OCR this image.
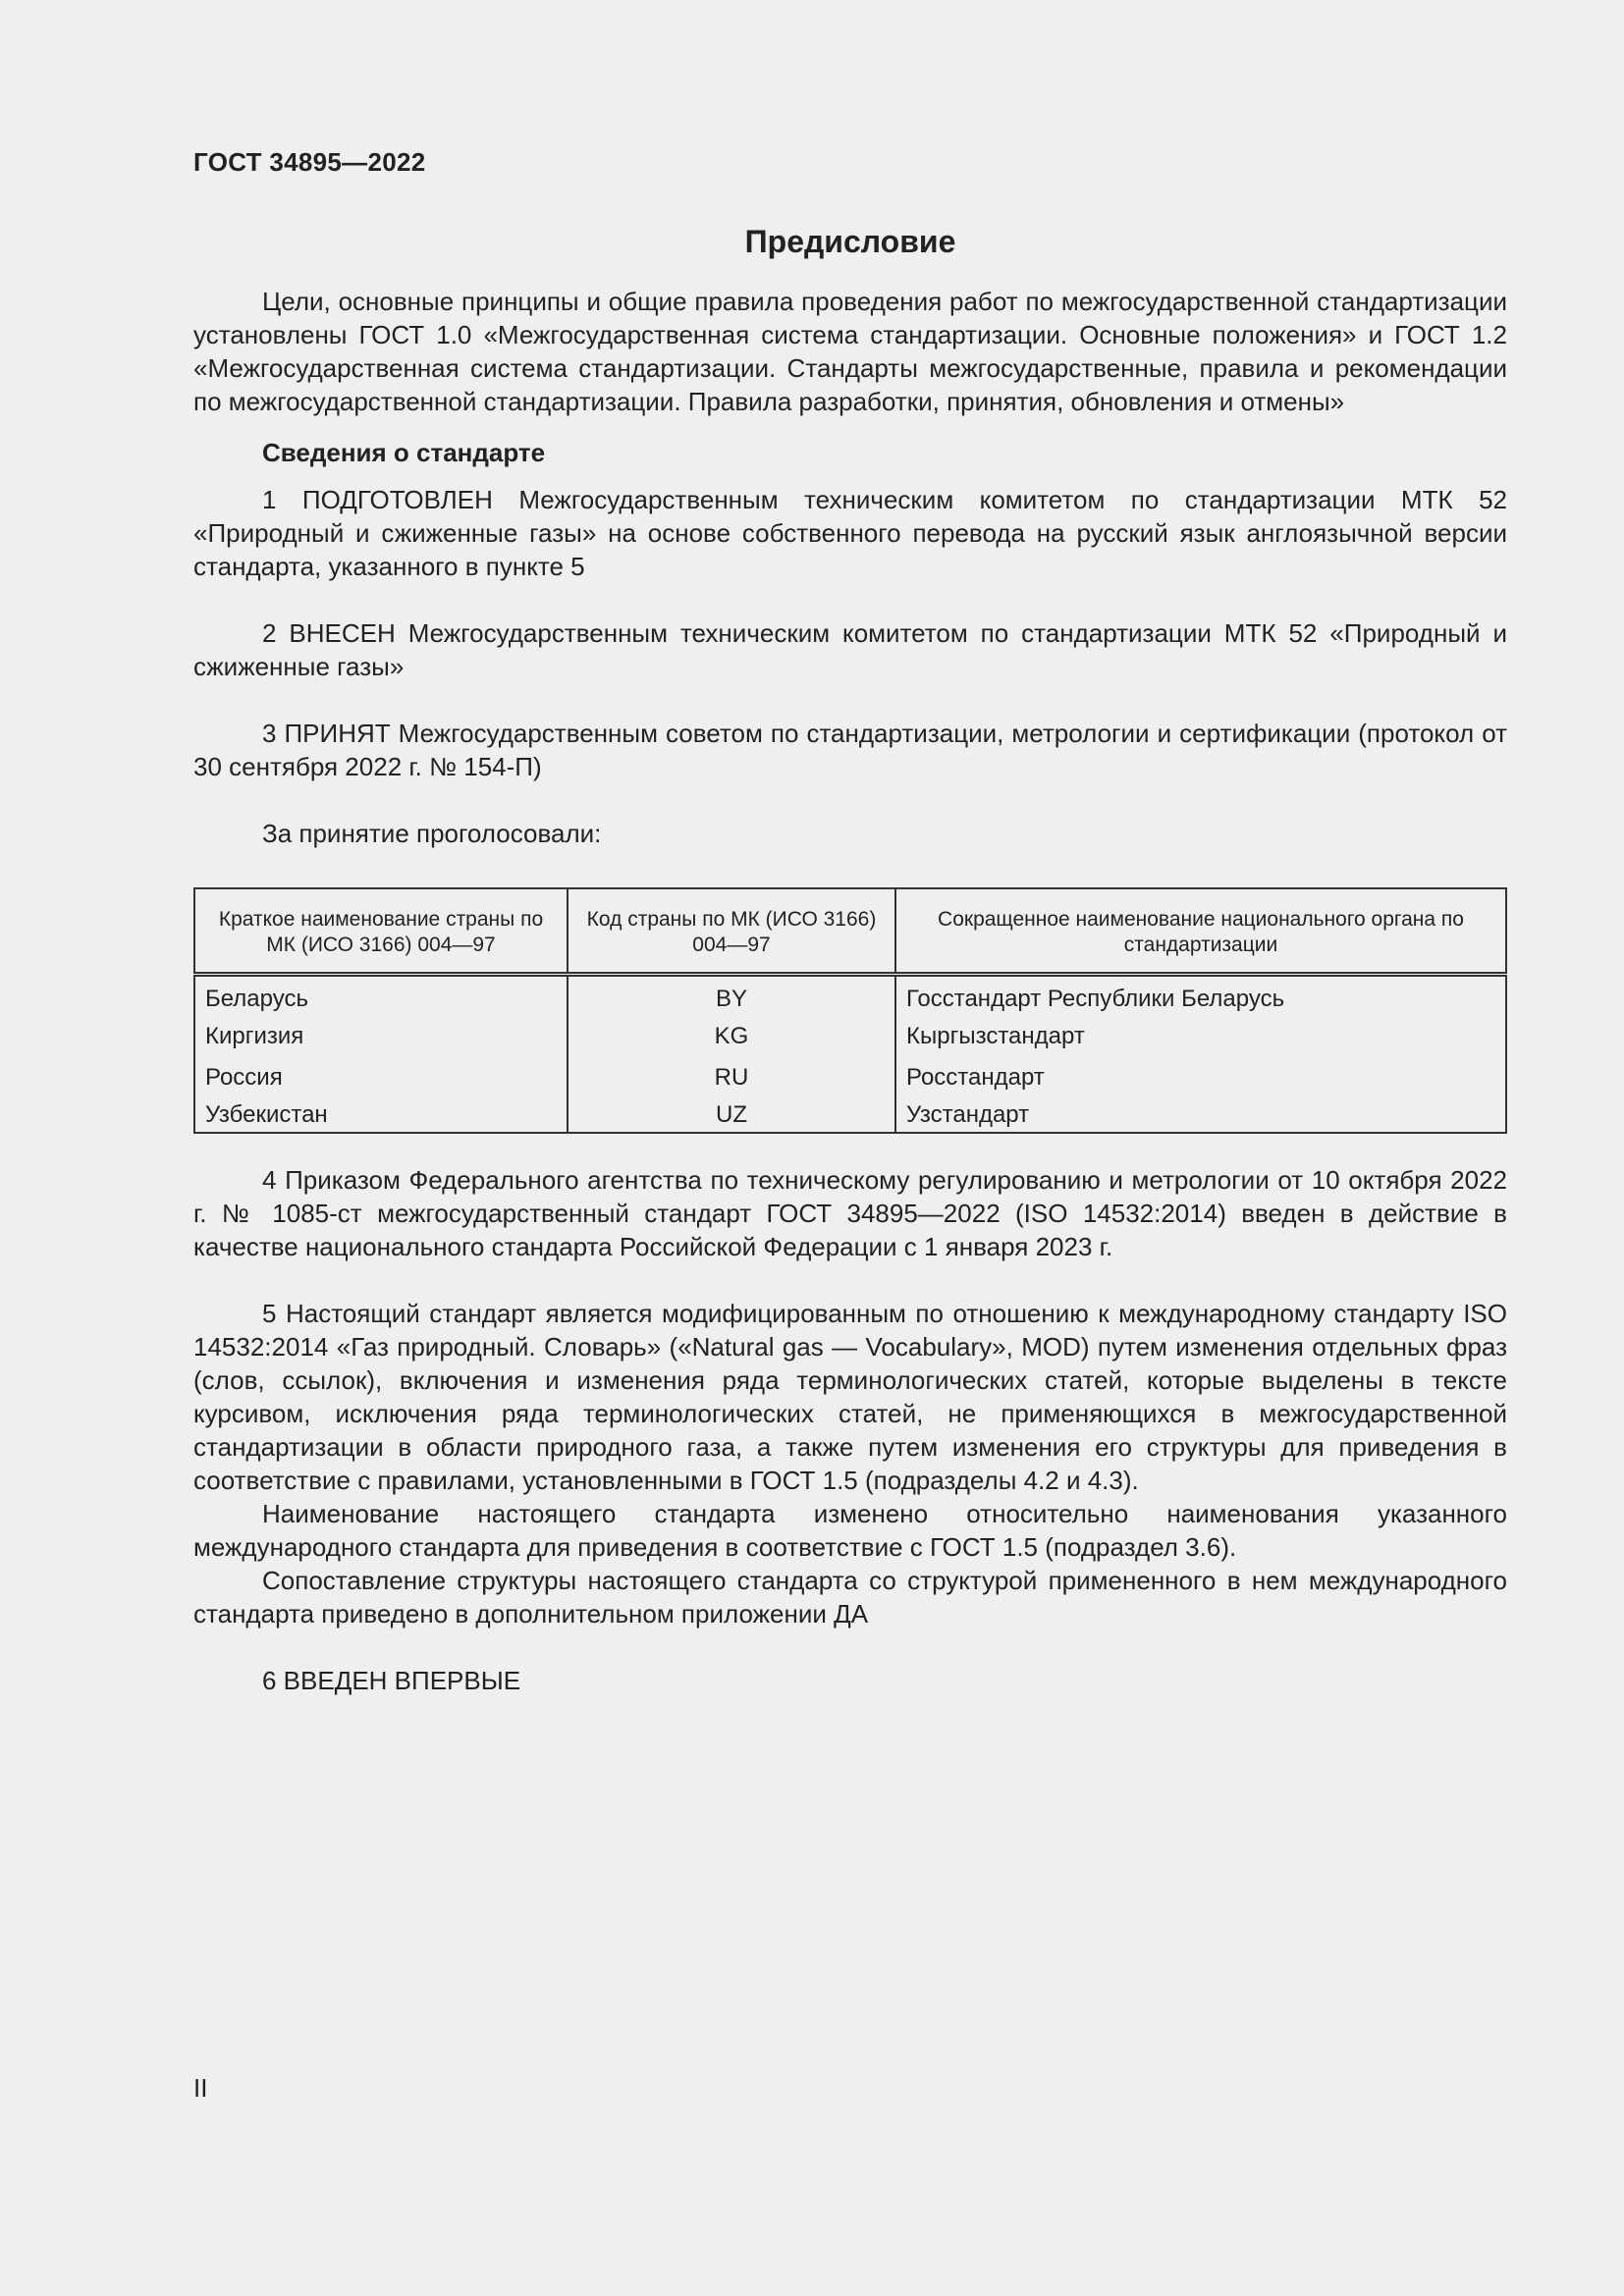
ГОСТ 34895—2022
Предисловие

Цели, основные принципы и общие правила проведения работ по межгосударственной стандартизации установлены ГОСТ 1.0 «Межгосударственная система стандартизации. Основные положения» и ГОСТ 1.2 «Межгосударственная система стандартизации. Стандарты межгосударственные, правила и рекомендации по межгосударственной стандартизации. Правила разработки, принятия, обновления и отмены»

Сведения о стандарте

1 ПОДГОТОВЛЕН Межгосударственным техническим комитетом по стандартизации МТК 52 «Природный и сжиженные газы» на основе собственного перевода на русский язык англоязычной версии стандарта, указанного в пункте 5

2 ВНЕСЕН Межгосударственным техническим комитетом по стандартизации МТК 52 «Природный и сжиженные газы»

3 ПРИНЯТ Межгосударственным советом по стандартизации, метрологии и сертификации (протокол от 30 сентября 2022 г. № 154-П)

За принятие проголосовали:

Краткое наименование страны по МК (ИСО 3166) 004—97	Код страны по МК (ИСО 3166) 004—97	Сокращенное наименование национального органа по стандартизации
Беларусь	BY	Госстандарт Республики Беларусь
Киргизия	KG	Кыргызстандарт
Россия	RU	Росстандарт
Узбекистан	UZ	Узстандарт

4 Приказом Федерального агентства по техническому регулированию и метрологии от 10 октября 2022 г. № 1085-ст межгосударственный стандарт ГОСТ 34895—2022 (ISO 14532:2014) введен в действие в качестве национального стандарта Российской Федерации с 1 января 2023 г.

5 Настоящий стандарт является модифицированным по отношению к международному стандарту ISO 14532:2014 «Газ природный. Словарь» («Natural gas — Vocabulary», MOD) путем изменения отдельных фраз (слов, ссылок), включения и изменения ряда терминологических статей, которые выделены в тексте курсивом, исключения ряда терминологических статей, не применяющихся в межгосударственной стандартизации в области природного газа, а также путем изменения его структуры для приведения в соответствие с правилами, установленными в ГОСТ 1.5 (подразделы 4.2 и 4.3).

Наименование настоящего стандарта изменено относительно наименования указанного международного стандарта для приведения в соответствие с ГОСТ 1.5 (подраздел 3.6).

Сопоставление структуры настоящего стандарта со структурой примененного в нем международного стандарта приведено в дополнительном приложении ДА

6 ВВЕДЕН ВПЕРВЫЕ

II
